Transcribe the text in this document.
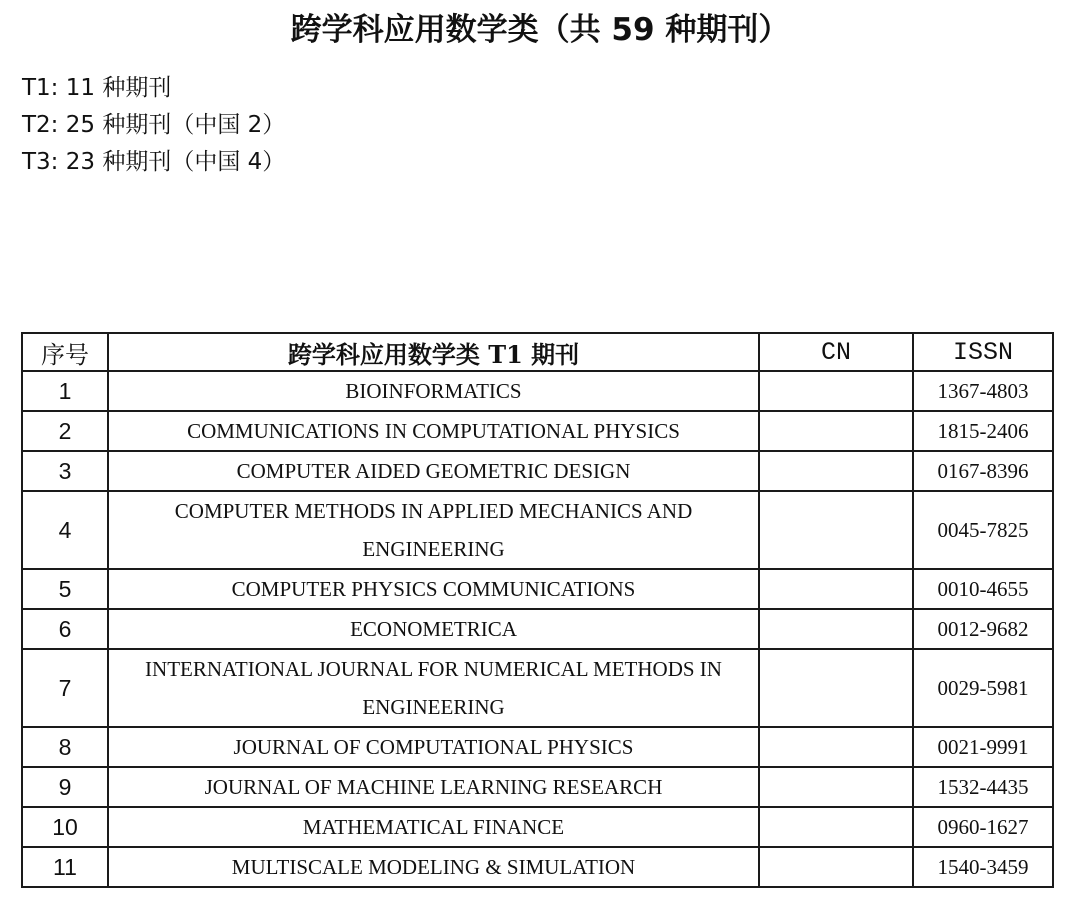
跨学科应用数学类（共 59 种期刊）
T1: 11 种期刊
T2: 25 种期刊（中国 2）
T3: 23 种期刊（中国 4）
序号	跨学科应用数学类 T1 期刊	CN	ISSN
1	BIOINFORMATICS		1367-4803
2	COMMUNICATIONS IN COMPUTATIONAL PHYSICS		1815-2406
3	COMPUTER AIDED GEOMETRIC DESIGN		0167-8396
4	COMPUTER METHODS IN APPLIED MECHANICS AND ENGINEERING		0045-7825
5	COMPUTER PHYSICS COMMUNICATIONS		0010-4655
6	ECONOMETRICA		0012-9682
7	INTERNATIONAL JOURNAL FOR NUMERICAL METHODS IN ENGINEERING		0029-5981
8	JOURNAL OF COMPUTATIONAL PHYSICS		0021-9991
9	JOURNAL OF MACHINE LEARNING RESEARCH		1532-4435
10	MATHEMATICAL FINANCE		0960-1627
11	MULTISCALE MODELING & SIMULATION		1540-3459
